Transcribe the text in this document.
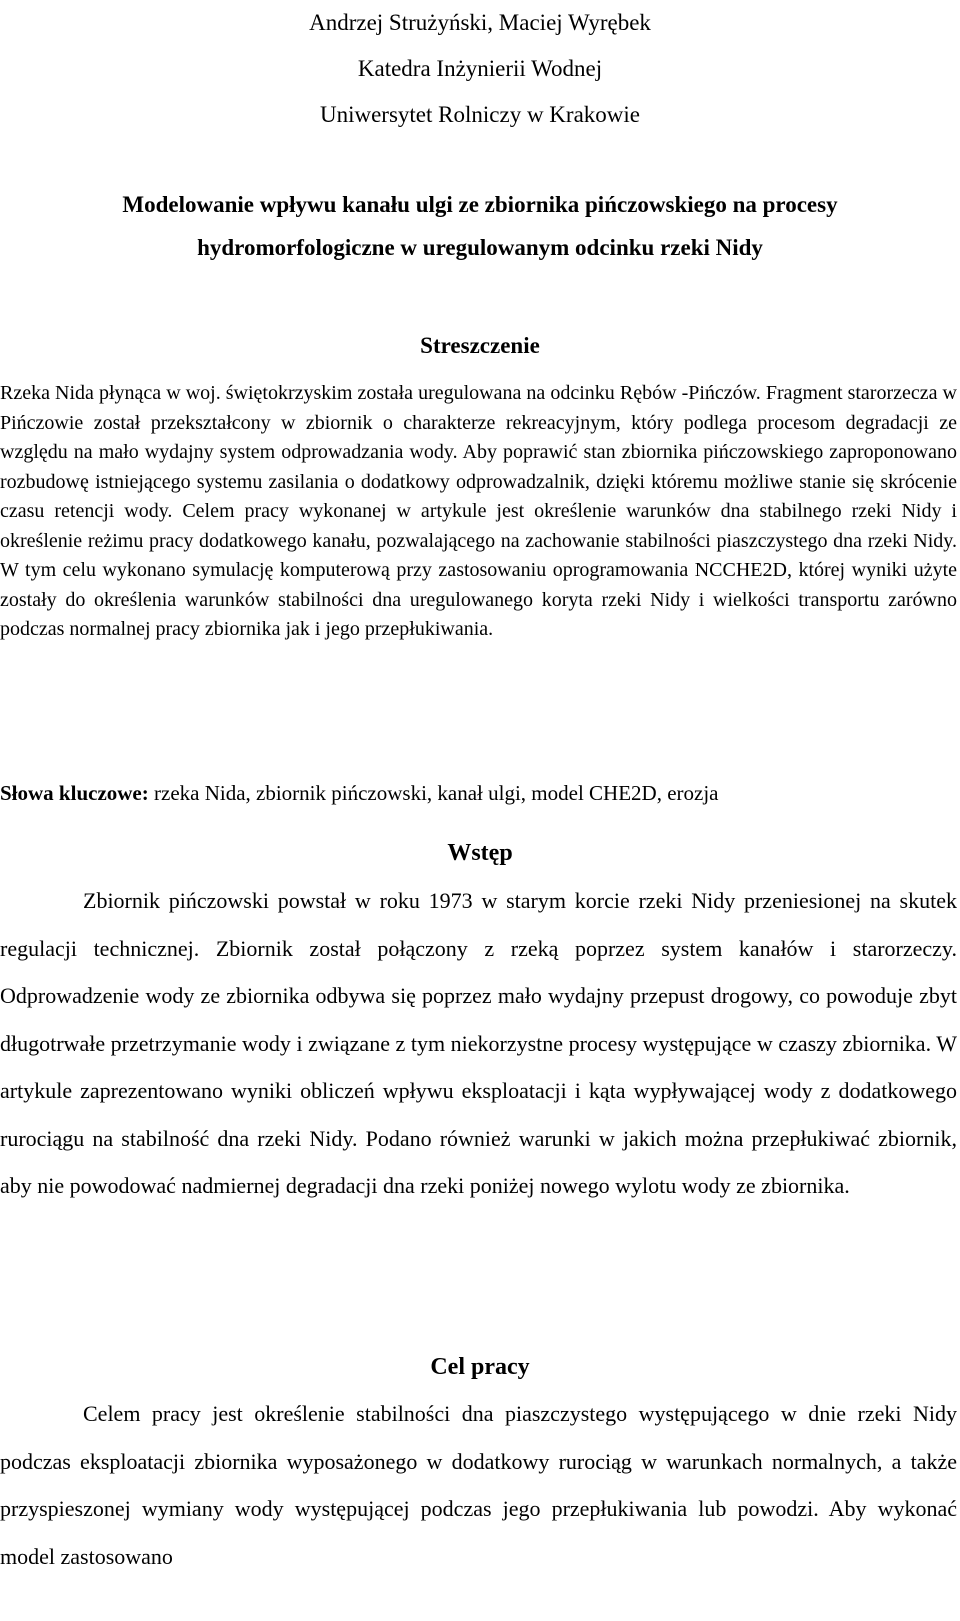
Andrzej Strużyński, Maciej Wyrębek
Katedra Inżynierii Wodnej
Uniwersytet Rolniczy w Krakowie
Modelowanie wpływu kanału ulgi ze zbiornika pińczowskiego na procesy
hydromorfologiczne w uregulowanym odcinku rzeki Nidy
Streszczenie

Rzeka Nida płynąca w woj. świętokrzyskim została uregulowana na odcinku Rębów -Pińczów. Fragment starorzecza w Pińczowie został przekształcony w zbiornik o charakterze rekreacyjnym, który podlega procesom degradacji ze względu na mało wydajny system odprowadzania wody. Aby poprawić stan zbiornika pińczowskiego zaproponowano rozbudowę istniejącego systemu zasilania o dodatkowy odprowadzalnik, dzięki któremu możliwe stanie się skrócenie czasu retencji wody. Celem pracy wykonanej w artykule jest określenie warunków dna stabilnego rzeki Nidy i określenie reżimu pracy dodatkowego kanału, pozwalającego na zachowanie stabilności piaszczystego dna rzeki Nidy. W tym celu wykonano symulację komputerową przy zastosowaniu oprogramowania NCCHE2D, której wyniki użyte zostały do określenia warunków stabilności dna uregulowanego koryta rzeki Nidy i wielkości transportu zarówno podczas normalnej pracy zbiornika jak i jego przepłukiwania.

Słowa kluczowe: rzeka Nida, zbiornik pińczowski, kanał ulgi, model CHE2D, erozja

Wstęp

Zbiornik pińczowski powstał w roku 1973 w starym korcie rzeki Nidy przeniesionej na skutek regulacji technicznej. Zbiornik został połączony z rzeką poprzez system kanałów i starorzeczy. Odprowadzenie wody ze zbiornika odbywa się poprzez mało wydajny przepust drogowy, co powoduje zbyt długotrwałe przetrzymanie wody i związane z tym niekorzystne procesy występujące w czaszy zbiornika. W artykule zaprezentowano wyniki obliczeń wpływu eksploatacji i kąta wypływającej wody z dodatkowego rurociągu na stabilność dna rzeki Nidy. Podano również warunki w jakich można przepłukiwać zbiornik, aby nie powodować nadmiernej degradacji dna rzeki poniżej nowego wylotu wody ze zbiornika.

Cel pracy

Celem pracy jest określenie stabilności dna piaszczystego występującego w dnie rzeki Nidy podczas eksploatacji zbiornika wyposażonego w dodatkowy rurociąg w warunkach normalnych, a także przyspieszonej wymiany wody występującej podczas jego przepłukiwania lub powodzi. Aby wykonać model zastosowano
